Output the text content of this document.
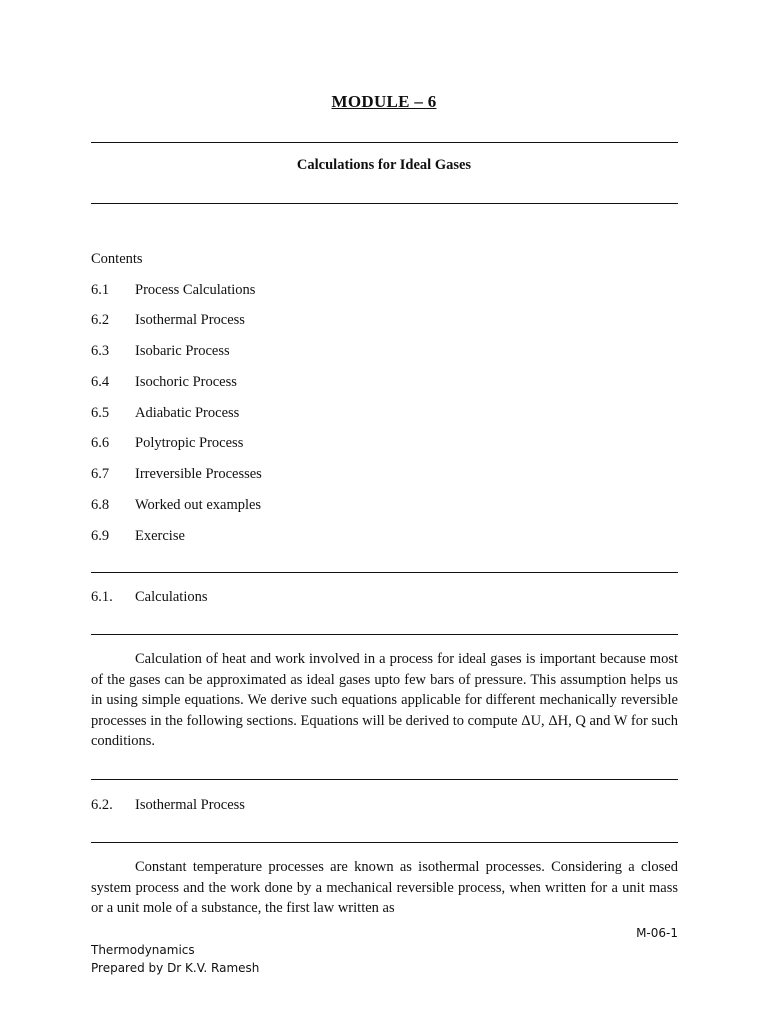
MODULE – 6
Calculations for Ideal Gases
Contents
6.1 Process Calculations
6.2 Isothermal Process
6.3 Isobaric Process
6.4 Isochoric Process
6.5 Adiabatic Process
6.6 Polytropic Process
6.7 Irreversible Processes
6.8 Worked out examples
6.9 Exercise
6.1. Calculations
Calculation of heat and work involved in a process for ideal gases is important because most of the gases can be approximated as ideal gases upto few bars of pressure. This assumption helps us in using simple equations. We derive such equations applicable for different mechanically reversible processes in the following sections. Equations will be derived to compute ΔU, ΔH, Q and W for such conditions.
6.2. Isothermal Process
Constant temperature processes are known as isothermal processes. Considering a closed system process and the work done by a mechanical reversible process, when written for a unit mass or a unit mole of a substance, the first law written as
M-06-1
Thermodynamics
Prepared by Dr K.V. Ramesh
